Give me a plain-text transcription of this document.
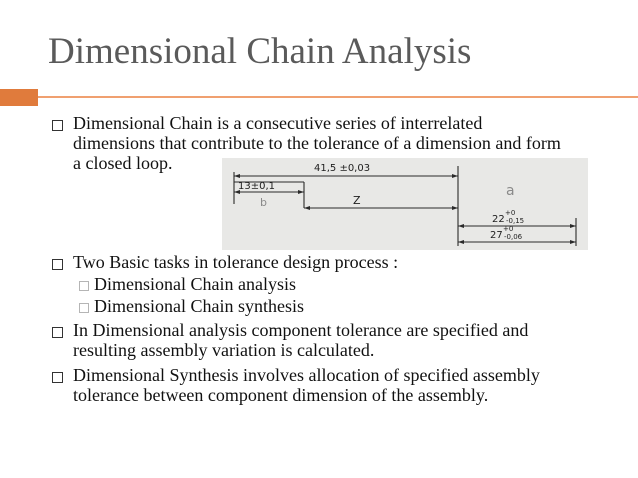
Dimensional Chain Analysis
Dimensional Chain is a consecutive series of interrelated
dimensions that contribute to the tolerance of a dimension and form
a closed loop.
Two Basic tasks in tolerance design process :
Dimensional Chain analysis
Dimensional Chain synthesis
In Dimensional analysis component tolerance are specified and
resulting assembly variation is calculated.
Dimensional Synthesis involves allocation of specified assembly
tolerance between component dimension of the assembly.
41,5 ±0,03
13±0,1
b	Z
a
22
+0
-0,15
27
+0
-0,06
